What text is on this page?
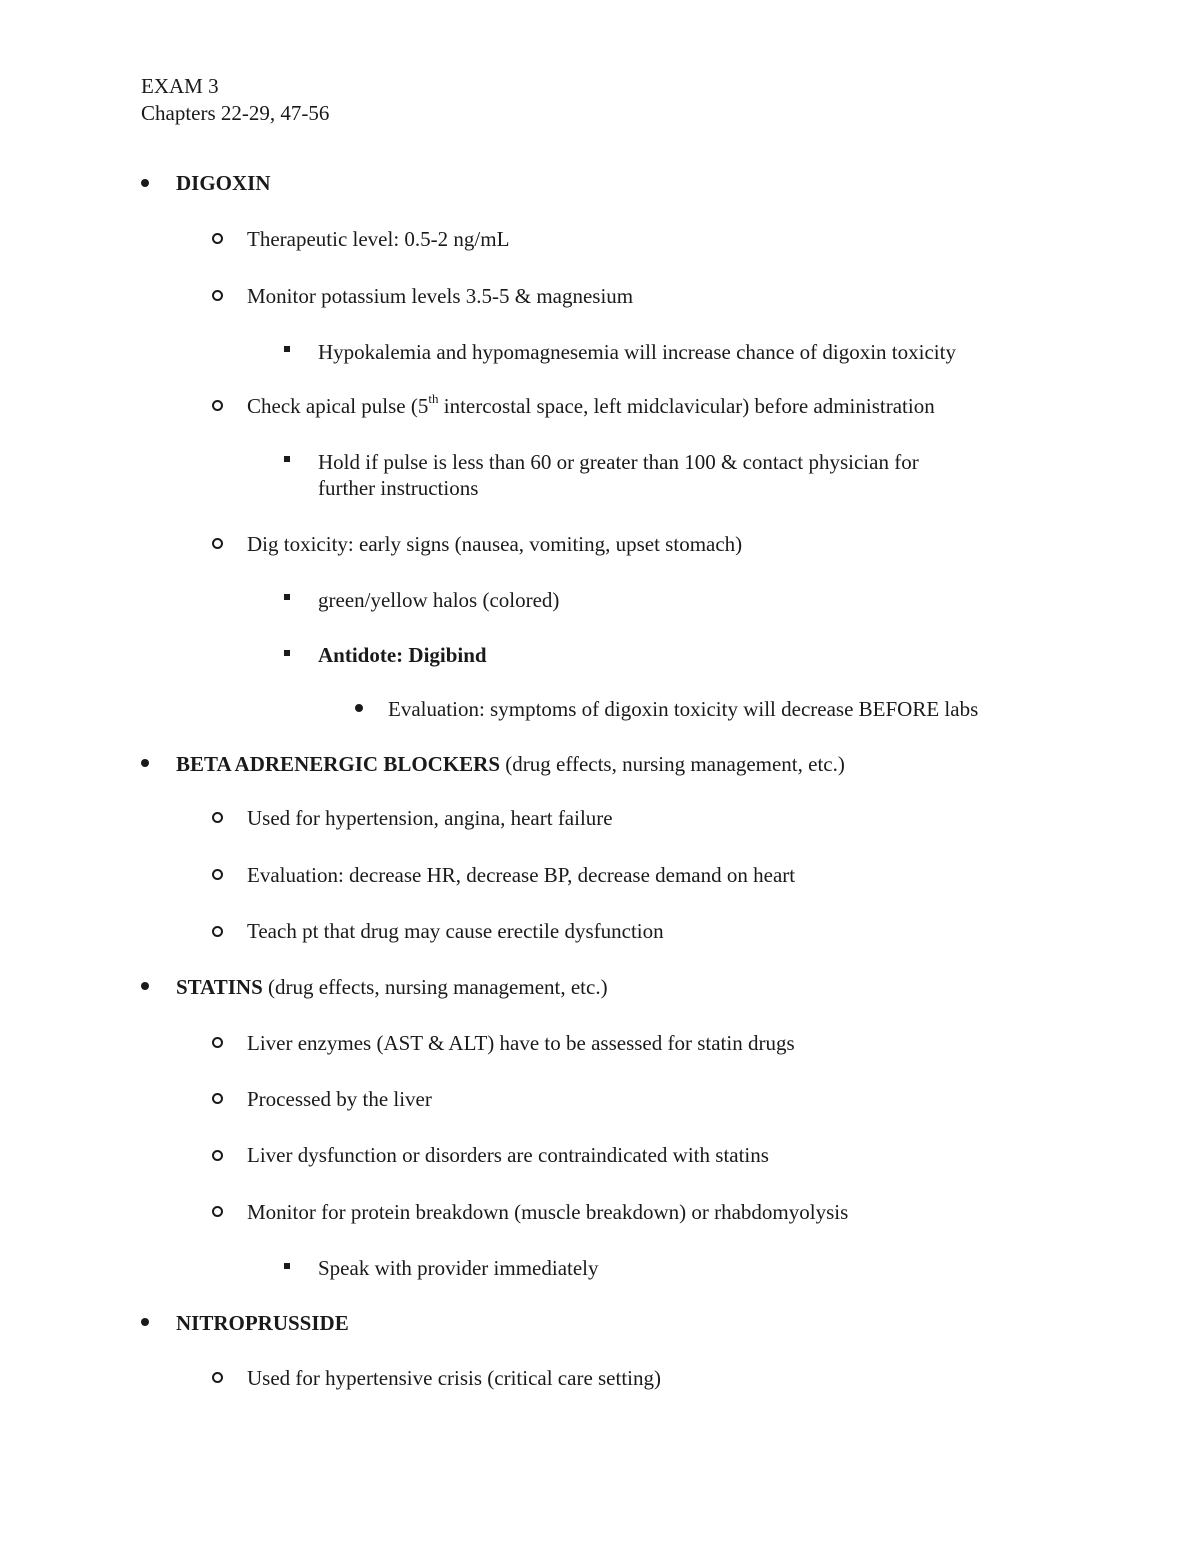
EXAM 3
Chapters 22-29, 47-56
DIGOXIN
Therapeutic level: 0.5-2 ng/mL
Monitor potassium levels 3.5-5 & magnesium
Hypokalemia and hypomagnesemia will increase chance of digoxin toxicity
Check apical pulse (5th intercostal space, left midclavicular) before administration
Hold if pulse is less than 60 or greater than 100 & contact physician for
further instructions
Dig toxicity: early signs (nausea, vomiting, upset stomach)
green/yellow halos (colored)
Antidote: Digibind
Evaluation: symptoms of digoxin toxicity will decrease BEFORE labs
BETA ADRENERGIC BLOCKERS (drug effects, nursing management, etc.)
Used for hypertension, angina, heart failure
Evaluation: decrease HR, decrease BP, decrease demand on heart
Teach pt that drug may cause erectile dysfunction
STATINS (drug effects, nursing management, etc.)
Liver enzymes (AST & ALT) have to be assessed for statin drugs
Processed by the liver
Liver dysfunction or disorders are contraindicated with statins
Monitor for protein breakdown (muscle breakdown) or rhabdomyolysis
Speak with provider immediately
NITROPRUSSIDE
Used for hypertensive crisis (critical care setting)
